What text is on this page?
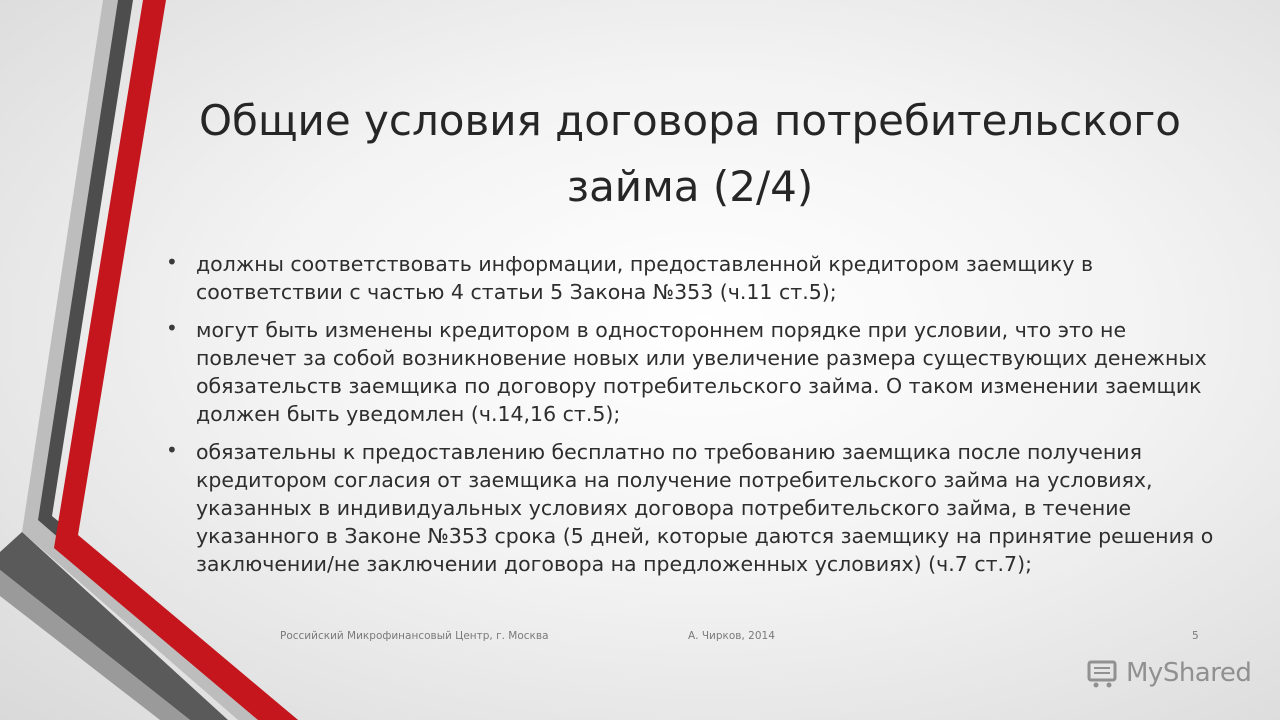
Общие условия договора потребительского
займа (2/4)
• должны соответствовать информации, предоставленной кредитором заемщику в соответствии с частью 4 статьи 5 Закона №353 (ч.11 ст.5);
• могут быть изменены кредитором в одностороннем порядке при условии, что это не повлечет за собой возникновение новых или увеличение размера существующих денежных обязательств заемщика по договору потребительского займа. О таком изменении заемщик должен быть уведомлен (ч.14,16 ст.5);
• обязательны к предоставлению бесплатно по требованию заемщика после получения кредитором согласия от заемщика на получение потребительского займа на условиях, указанных в индивидуальных условиях договора потребительского займа, в течение указанного в Законе №353 срока (5 дней, которые даются заемщику на принятие решения о заключении/не заключении договора на предложенных условиях) (ч.7 ст.7);

Российский Микрофинансовый Центр, г. Москва	А. Чирков, 2014	5

MyShared
